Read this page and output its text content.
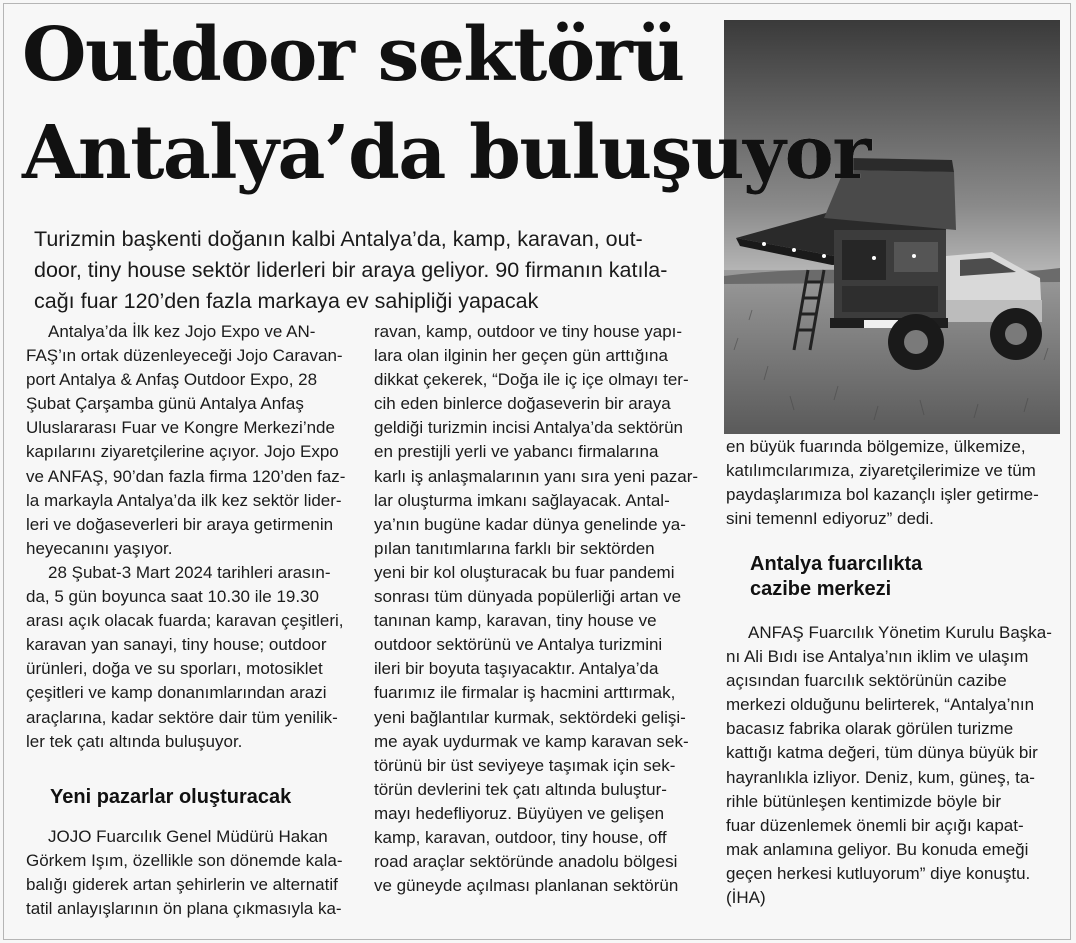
Outdoor sektörü
Antalya’da buluşuyor
Turizmin başkenti doğanın kalbi Antalya’da, kamp, karavan, out-
door, tiny house sektör liderleri bir araya geliyor. 90 firmanın katıla-
cağı fuar 120’den fazla markaya ev sahipliği yapacak
Antalya’da İlk kez Jojo Expo ve AN-
FAŞ’ın ortak düzenleyeceği Jojo Caravan-
port Antalya & Anfaş Outdoor Expo, 28
Şubat Çarşamba günü Antalya Anfaş
Uluslararası Fuar ve Kongre Merkezi’nde
kapılarını ziyaretçilerine açıyor. Jojo Expo
ve ANFAŞ, 90’dan fazla firma 120’den faz-
la markayla Antalya’da ilk kez sektör lider-
leri ve doğaseverleri bir araya getirmenin
heyecanını yaşıyor.
28 Şubat-3 Mart 2024 tarihleri arasın-
da, 5 gün boyunca saat 10.30 ile 19.30
arası açık olacak fuarda; karavan çeşitleri,
karavan yan sanayi, tiny house; outdoor
ürünleri, doğa ve su sporları, motosiklet
çeşitleri ve kamp donanımlarından arazi
araçlarına, kadar sektöre dair tüm yenilik-
ler tek çatı altında buluşuyor.
Yeni pazarlar oluşturacak
JOJO Fuarcılık Genel Müdürü Hakan
Görkem Işım, özellikle son dönemde kala-
balığı giderek artan şehirlerin ve alternatif
tatil anlayışlarının ön plana çıkmasıyla ka-
ravan, kamp, outdoor ve tiny house yapı-
lara olan ilginin her geçen gün arttığına
dikkat çekerek, “Doğa ile iç içe olmayı ter-
cih eden binlerce doğaseverin bir araya
geldiği turizmin incisi Antalya’da sektörün
en prestijli yerli ve yabancı firmalarına
karlı iş anlaşmalarının yanı sıra yeni pazar-
lar oluşturma imkanı sağlayacak. Antal-
ya’nın bugüne kadar dünya genelinde ya-
pılan tanıtımlarına farklı bir sektörden
yeni bir kol oluşturacak bu fuar pandemi
sonrası tüm dünyada popülerliği artan ve
tanınan kamp, karavan, tiny house ve
outdoor sektörünü ve Antalya turizmini
ileri bir boyuta taşıyacaktır. Antalya’da
fuarımız ile firmalar iş hacmini arttırmak,
yeni bağlantılar kurmak, sektördeki gelişi-
me ayak uydurmak ve kamp karavan sek-
törünü bir üst seviyeye taşımak için sek-
törün devlerini tek çatı altında buluştur-
mayı hedefliyoruz. Büyüyen ve gelişen
kamp, karavan, outdoor, tiny house, off
road araçlar sektöründe anadolu bölgesi
ve güneyde açılması planlanan sektörün
en büyük fuarında bölgemize, ülkemize,
katılımcılarımıza, ziyaretçilerimize ve tüm
paydaşlarımıza bol kazançlı işler getirme-
sini temennI ediyoruz” dedi.
Antalya fuarcılıkta
cazibe merkezi
ANFAŞ Fuarcılık Yönetim Kurulu Başka-
nı Ali Bıdı ise Antalya’nın iklim ve ulaşım
açısından fuarcılık sektörünün cazibe
merkezi olduğunu belirterek, “Antalya’nın
bacasız fabrika olarak görülen turizme
kattığı katma değeri, tüm dünya büyük bir
hayranlıkla izliyor. Deniz, kum, güneş, ta-
rihle bütünleşen kentimizde böyle bir
fuar düzenlemek önemli bir açığı kapat-
mak anlamına geliyor. Bu konuda emeği
geçen herkesi kutluyorum” diye konuştu.
(İHA)
